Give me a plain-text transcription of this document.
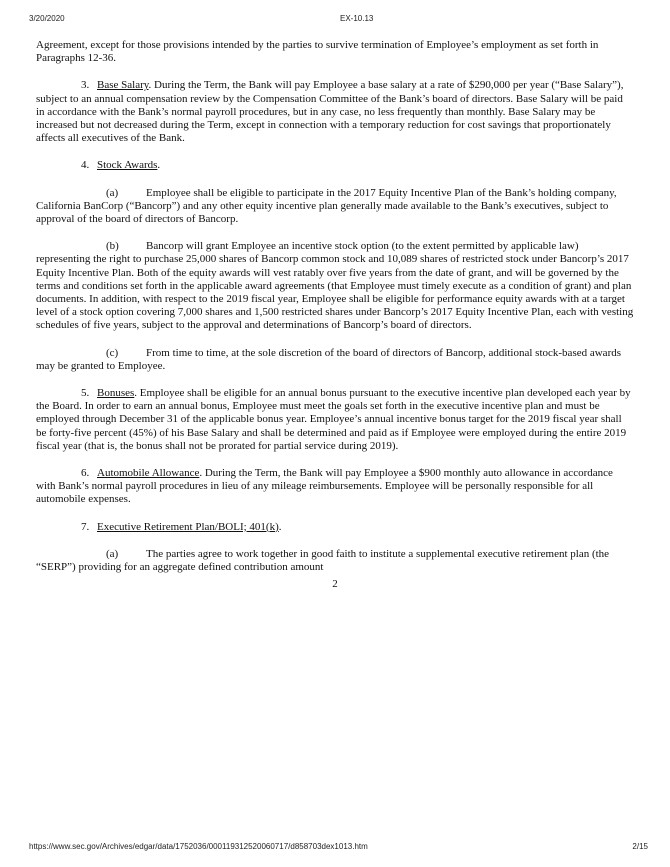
3/20/2020	EX-10.13

Agreement, except for those provisions intended by the parties to survive termination of Employee’s employment as set forth in Paragraphs 12-36.

3. Base Salary. During the Term, the Bank will pay Employee a base salary at a rate of $290,000 per year (“Base Salary”), subject to an annual compensation review by the Compensation Committee of the Bank’s board of directors. Base Salary will be paid in accordance with the Bank’s normal payroll procedures, but in any case, no less frequently than monthly. Base Salary may be increased but not decreased during the Term, except in connection with a temporary reduction for cost savings that proportionately affects all executives of the Bank.

4. Stock Awards.

(a)	Employee shall be eligible to participate in the 2017 Equity Incentive Plan of the Bank’s holding company, California BanCorp (“Bancorp”) and any other equity incentive plan generally made available to the Bank’s executives, subject to approval of the board of directors of Bancorp.

(b) Bancorp will grant Employee an incentive stock option (to the extent permitted by applicable law) representing the right to purchase 25,000 shares of Bancorp common stock and 10,089 shares of restricted stock under Bancorp’s 2017 Equity Incentive Plan. Both of the equity awards will vest ratably over five years from the date of grant, and will be governed by the terms and conditions set forth in the applicable award agreements (that Employee must timely execute as a condition of grant) and plan documents. In addition, with respect to the 2019 fiscal year, Employee shall be eligible for performance equity awards with at a target level of a stock option covering 7,000 shares and 1,500 restricted shares under Bancorp’s 2017 Equity Incentive Plan, each with vesting schedules of five years, subject to the approval and determinations of Bancorp’s board of directors.

(c)	From time to time, at the sole discretion of the board of directors of Bancorp, additional stock-based awards may be granted to Employee.

5. Bonuses. Employee shall be eligible for an annual bonus pursuant to the executive incentive plan developed each year by the Board. In order to earn an annual bonus, Employee must meet the goals set forth in the executive incentive plan and must be employed through December 31 of the applicable bonus year. Employee’s annual incentive bonus target for the 2019 fiscal year shall be forty-five percent (45%) of his Base Salary and shall be determined and paid as if Employee were employed during the entire 2019 fiscal year (that is, the bonus shall not be prorated for partial service during 2019).

6. Automobile Allowance. During the Term, the Bank will pay Employee a $900 monthly auto allowance in accordance with Bank’s normal payroll procedures in lieu of any mileage reimbursements. Employee will be personally responsible for all automobile expenses.

7. Executive Retirement Plan/BOLI; 401(k).

(a)	The parties agree to work together in good faith to institute a supplemental executive retirement plan (the “SERP”) providing for an aggregate defined contribution amount

2
https://www.sec.gov/Archives/edgar/data/1752036/000119312520060717/d858703dex1013.htm	2/15
